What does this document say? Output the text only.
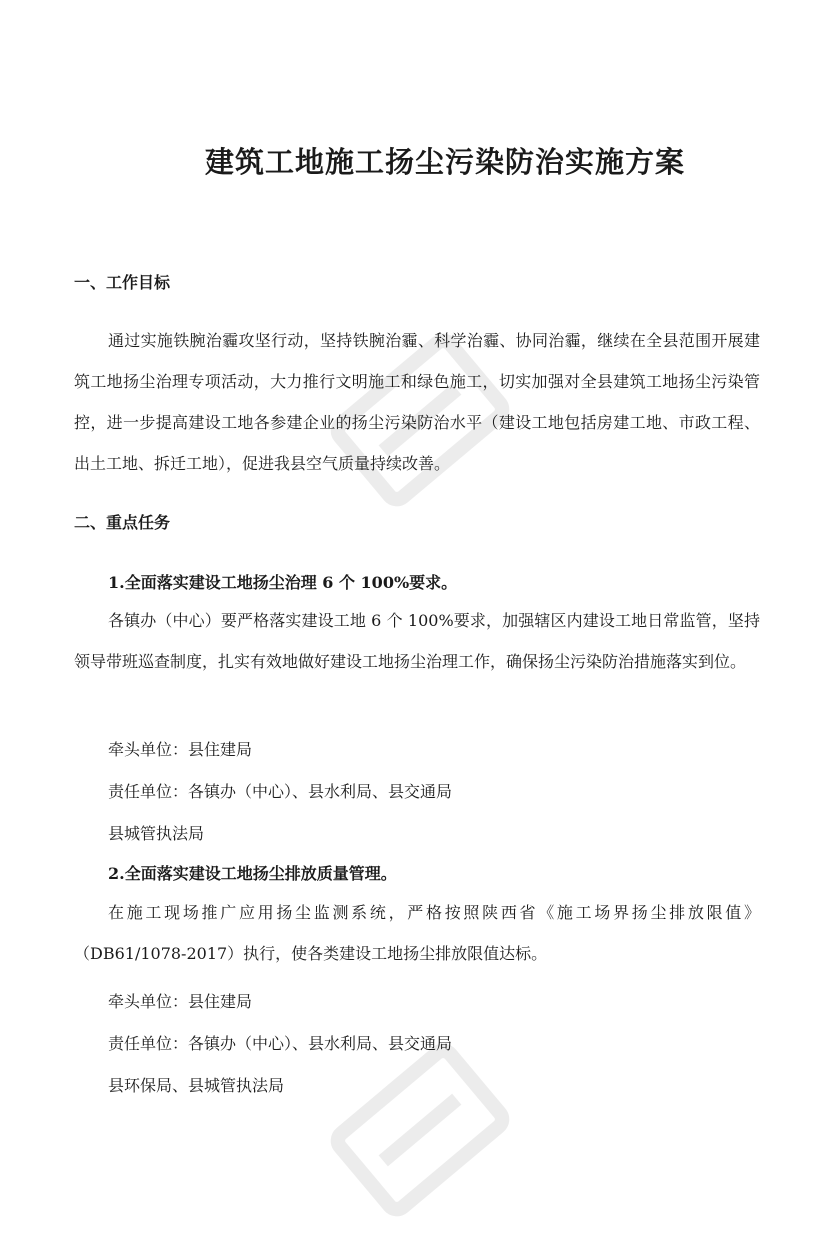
建筑工地施工扬尘污染防治实施方案
一、工作目标
通过实施铁腕治霾攻坚行动，坚持铁腕治霾、科学治霾、协同治霾，继续在全县范围开展建筑工地扬尘治理专项活动，大力推行文明施工和绿色施工，切实加强对全县建筑工地扬尘污染管控，进一步提高建设工地各参建企业的扬尘污染防治水平（建设工地包括房建工地、市政工程、出土工地、拆迁工地），促进我县空气质量持续改善。
二、重点任务
1.全面落实建设工地扬尘治理 6 个 100%要求。
各镇办（中心）要严格落实建设工地 6 个 100%要求，加强辖区内建设工地日常监管，坚持领导带班巡查制度，扎实有效地做好建设工地扬尘治理工作，确保扬尘污染防治措施落实到位。
牵头单位：县住建局
责任单位：各镇办（中心）、县水利局、县交通局
县城管执法局
2.全面落实建设工地扬尘排放质量管理。
在施工现场推广应用扬尘监测系统，严格按照陕西省《施工场界扬尘排放限值》（DB61/1078-2017）执行，使各类建设工地扬尘排放限值达标。
牵头单位：县住建局
责任单位：各镇办（中心）、县水利局、县交通局
县环保局、县城管执法局
